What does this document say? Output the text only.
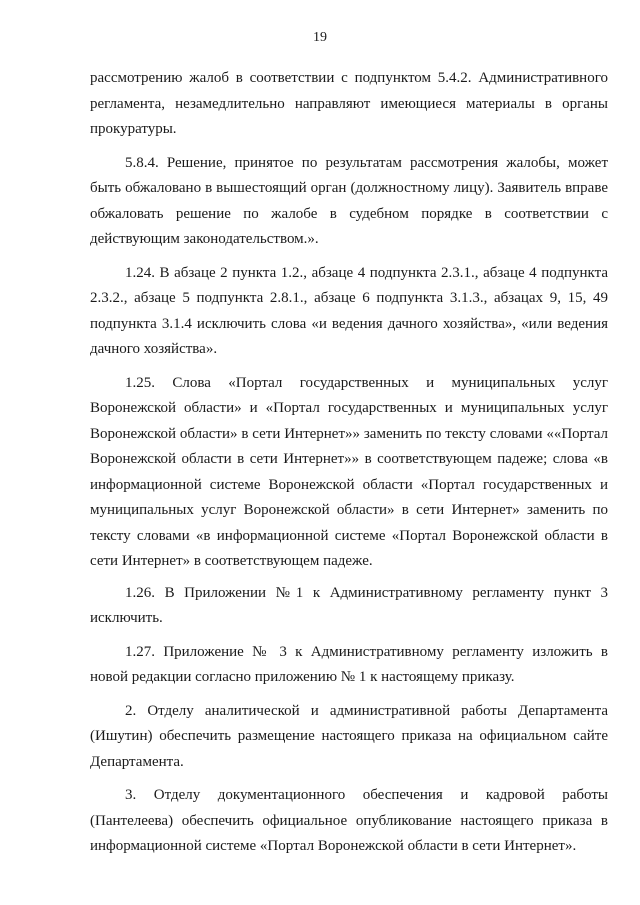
19

рассмотрению жалоб в соответствии с подпунктом 5.4.2. Административного регламента, незамедлительно направляют имеющиеся материалы в органы прокуратуры.

5.8.4. Решение, принятое по результатам рассмотрения жалобы, может быть обжаловано в вышестоящий орган (должностному лицу). Заявитель вправе обжаловать решение по жалобе в судебном порядке в соответствии с действующим законодательством.».

1.24. В абзаце 2 пункта 1.2., абзаце 4 подпункта 2.3.1., абзаце 4 подпункта 2.3.2., абзаце 5 подпункта 2.8.1., абзаце 6 подпункта 3.1.3., абзацах 9, 15, 49 подпункта 3.1.4 исключить слова «и ведения дачного хозяйства», «или ведения дачного хозяйства».

1.25. Слова «Портал государственных и муниципальных услуг Воронежской области» и «Портал государственных и муниципальных услуг Воронежской области» в сети Интернет»» заменить по тексту словами ««Портал Воронежской области в сети Интернет»» в соответствующем падеже; слова «в информационной системе Воронежской области «Портал государственных и муниципальных услуг Воронежской области» в сети Интернет» заменить по тексту словами «в информационной системе «Портал Воронежской области в сети Интернет» в соответствующем падеже.

1.26. В Приложении №1 к Административному регламенту пункт 3 исключить.

1.27. Приложение № 3 к Административному регламенту изложить в новой редакции согласно приложению № 1 к настоящему приказу.

2. Отделу аналитической и административной работы Департамента (Ишутин) обеспечить размещение настоящего приказа на официальном сайте Департамента.

3. Отделу документационного обеспечения и кадровой работы (Пантелеева) обеспечить официальное опубликование настоящего приказа в информационной системе «Портал Воронежской области в сети Интернет».
